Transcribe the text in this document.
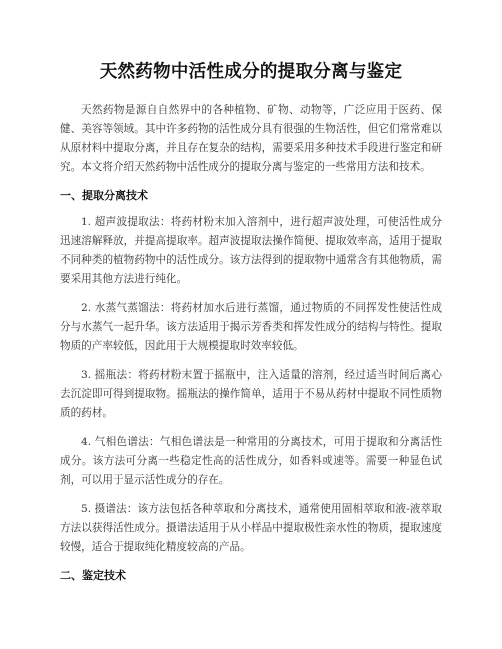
天然药物中活性成分的提取分离与鉴定

天然药物是源自自然界中的各种植物、矿物、动物等，广泛应用于医药、保健、美容等领域。其中许多药物的活性成分具有很强的生物活性，但它们常常难以从原材料中提取分离，并且存在复杂的结构，需要采用多种技术手段进行鉴定和研究。本文将介绍天然药物中活性成分的提取分离与鉴定的一些常用方法和技术。

一、提取分离技术

1. 超声波提取法：将药材粉末加入溶剂中，进行超声波处理，可使活性成分迅速溶解释放，并提高提取率。超声波提取法操作简便、提取效率高，适用于提取不同种类的植物药物中的活性成分。该方法得到的提取物中通常含有其他物质，需要采用其他方法进行纯化。

2. 水蒸气蒸馏法：将药材加水后进行蒸馏，通过物质的不同挥发性使活性成分与水蒸气一起升华。该方法适用于揭示芳香类和挥发性成分的结构与特性。提取物质的产率较低，因此用于大规模提取时效率较低。

3. 摇瓶法：将药材粉末置于摇瓶中，注入适量的溶剂，经过适当时间后离心去沉淀即可得到提取物。摇瓶法的操作简单，适用于不易从药材中提取不同性质物质的药材。

4. 气相色谱法：气相色谱法是一种常用的分离技术，可用于提取和分离活性成分。该方法可分离一些稳定性高的活性成分，如香料或速等。需要一种显色试剂，可以用于显示活性成分的存在。

5. 摄谱法：该方法包括各种萃取和分离技术，通常使用固相萃取和液-液萃取方法以获得活性成分。摄谱法适用于从小样品中提取极性亲水性的物质，提取速度较慢，适合于提取纯化精度较高的产品。

二、鉴定技术
